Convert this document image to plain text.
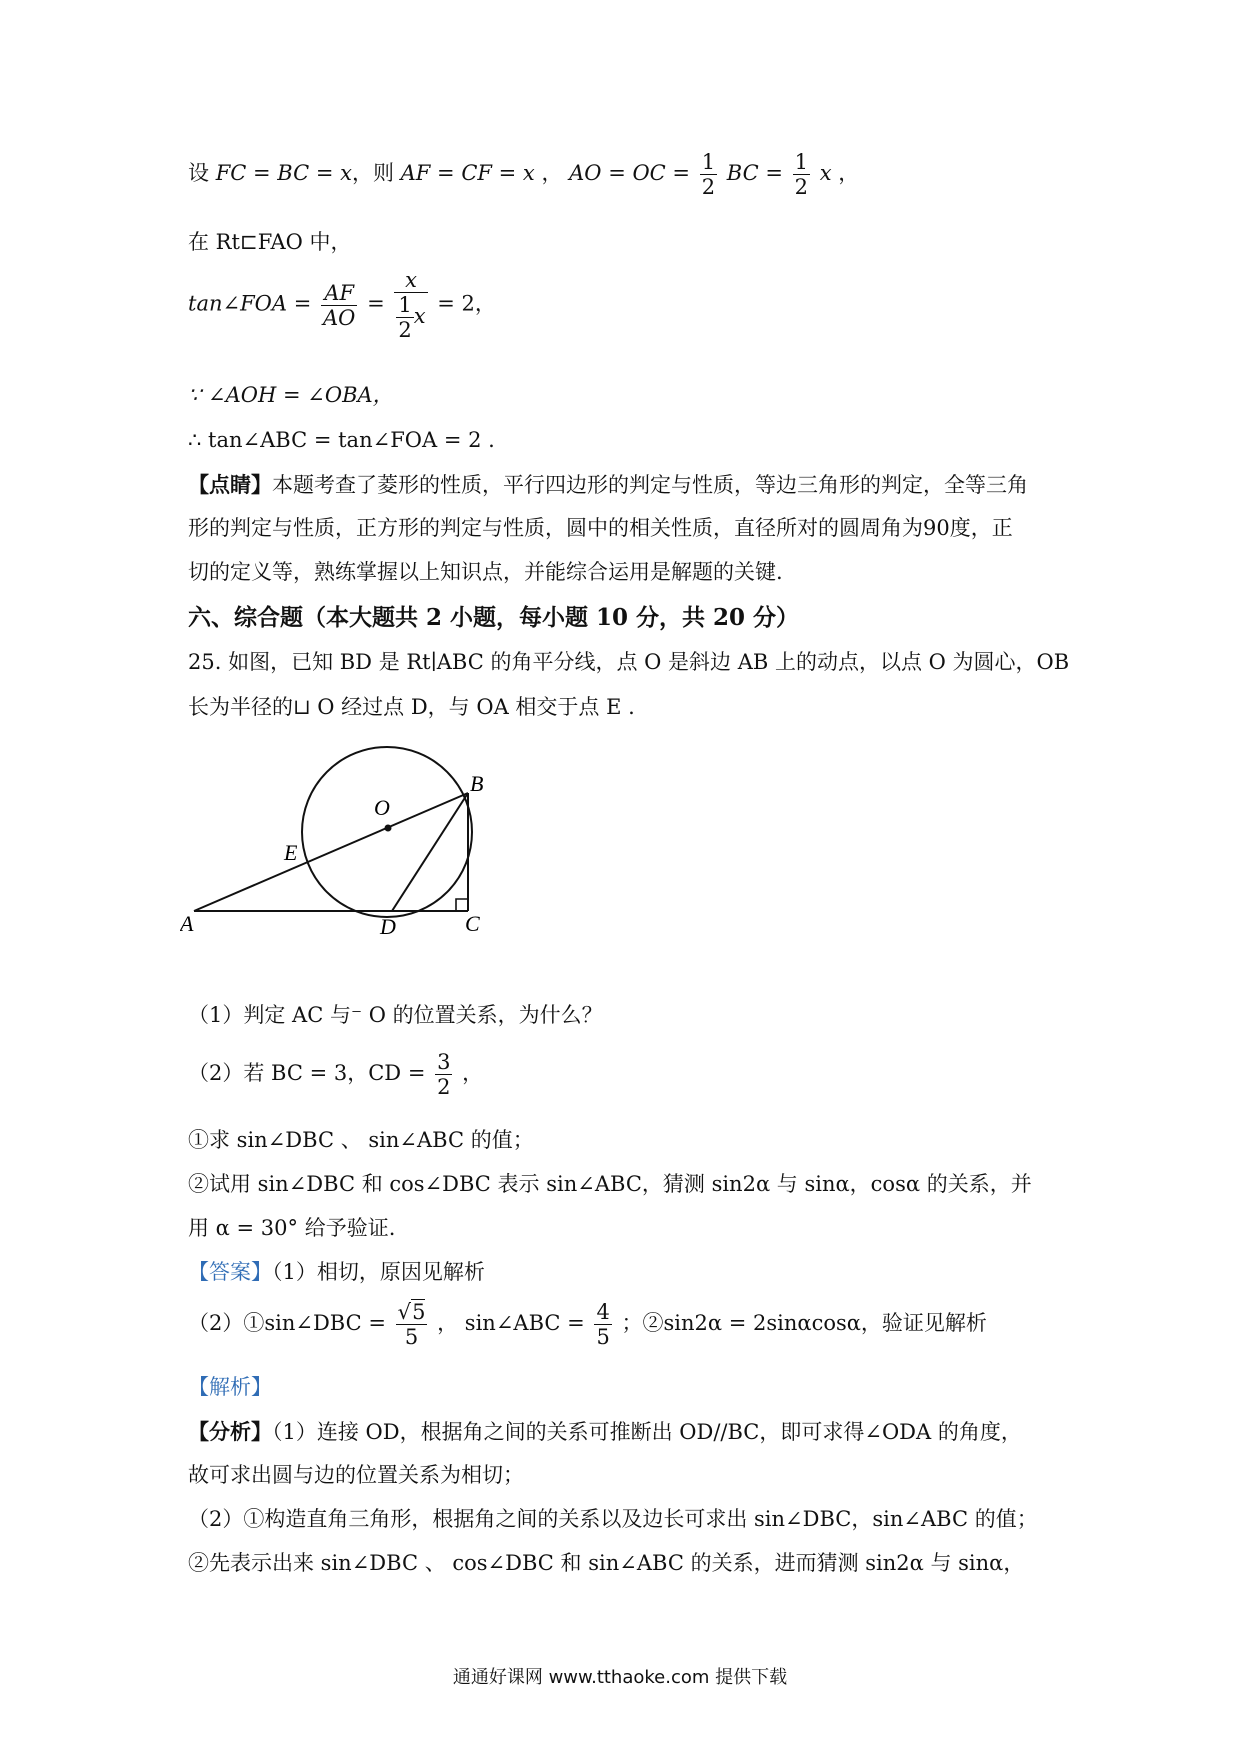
设 FC = BC = x，则 AF = CF = x ， AO = OC = $\frac{1}{2}$ BC = $\frac{1}{2}$ x ，
在 Rt⊏FAO 中，
tan∠FOA = $\frac{AF}{AO} = \frac{x}{\frac{1}{2} x} = 2$，
∵ ∠AOH = ∠OBA，
∴ tan∠ABC = tan∠FOA = 2 .
【点睛】本题考查了菱形的性质，平行四边形的判定与性质，等边三角形的判定，全等三角
形的判定与性质，正方形的判定与性质，圆中的相关性质，直径所对的圆周角为90度，正
切的定义等，熟练掌握以上知识点，并能综合运用是解题的关键.
六、综合题（本大题共 2 小题，每小题 10 分，共 20 分）
25. 如图，已知 BD 是 Rt∣ABC 的角平分线，点 O 是斜边 AB 上的动点，以点 O 为圆心，OB
长为半径的⊔ O 经过点 D，与 OA 相交于点 E .
O
B
E
A	D	C
（1）判定 AC 与⁻ O 的位置关系，为什么？
（2）若 BC = 3，CD = $\frac{3}{2}$ ，
①求 sin∠DBC 、 sin∠ABC 的值；
②试用 sin∠DBC 和 cos∠DBC 表示 sin∠ABC，猜测 sin2α 与 sinα，cosα 的关系，并
用 α = 30° 给予验证.
【答案】（1）相切，原因见解析
（2）①sin∠DBC = $\frac{√5}{5}$ ， sin∠ABC = $\frac{4}{5}$ ；②sin2α = 2sinαcosα，验证见解析
【解析】
【分析】（1）连接 OD，根据角之间的关系可推断出 OD//BC，即可求得∠ODA 的角度，
故可求出圆与边的位置关系为相切；
（2）①构造直角三角形，根据角之间的关系以及边长可求出 sin∠DBC，sin∠ABC 的值；
②先表示出来 sin∠DBC 、 cos∠DBC 和 sin∠ABC 的关系，进而猜测 sin2α 与 sinα，
通通好课网 www.tthaoke.com 提供下载
